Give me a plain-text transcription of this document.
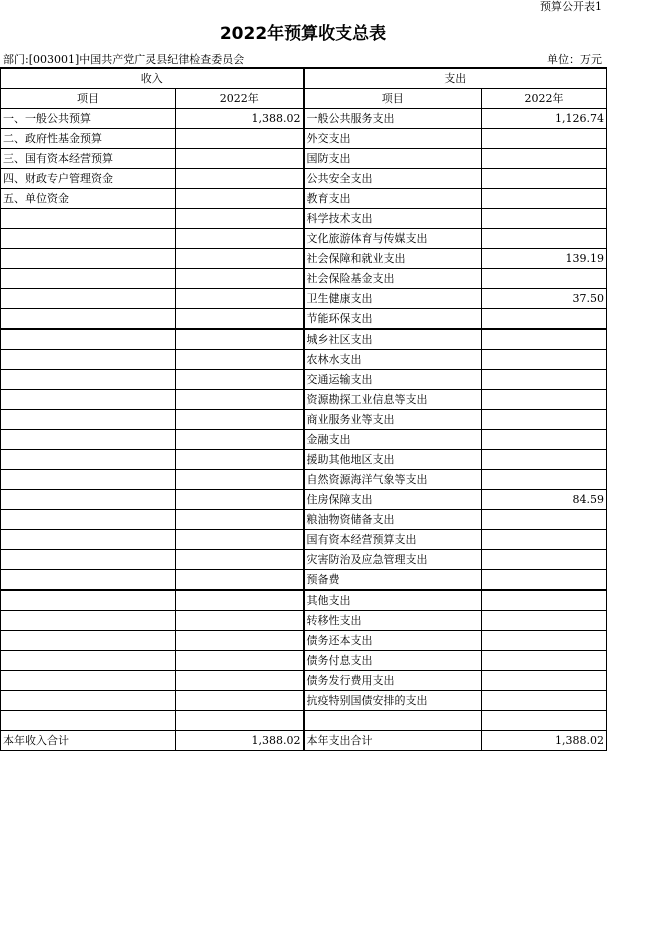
预算公开表1
2022年预算收支总表
部门:[003001]中国共产党广灵县纪律检查委员会	单位：万元
收入		支出	
项目	2022年	项目	2022年
一、一般公共预算	1,388.02	一般公共服务支出	1,126.74
二、政府性基金预算		外交支出	
三、国有资本经营预算		国防支出	
四、财政专户管理资金		公共安全支出	
五、单位资金		教育支出	
		科学技术支出	
		文化旅游体育与传媒支出	
		社会保障和就业支出	139.19
		社会保险基金支出	
		卫生健康支出	37.50
		节能环保支出	
		城乡社区支出	
		农林水支出	
		交通运输支出	
		资源勘探工业信息等支出	
		商业服务业等支出	
		金融支出	
		援助其他地区支出	
		自然资源海洋气象等支出	
		住房保障支出	84.59
		粮油物资储备支出	
		国有资本经营预算支出	
		灾害防治及应急管理支出	
		预备费	
		其他支出	
		转移性支出	
		债务还本支出	
		债务付息支出	
		债务发行费用支出	
		抗疫特别国债安排的支出	

本年收入合计	1,388.02	本年支出合计	1,388.02
